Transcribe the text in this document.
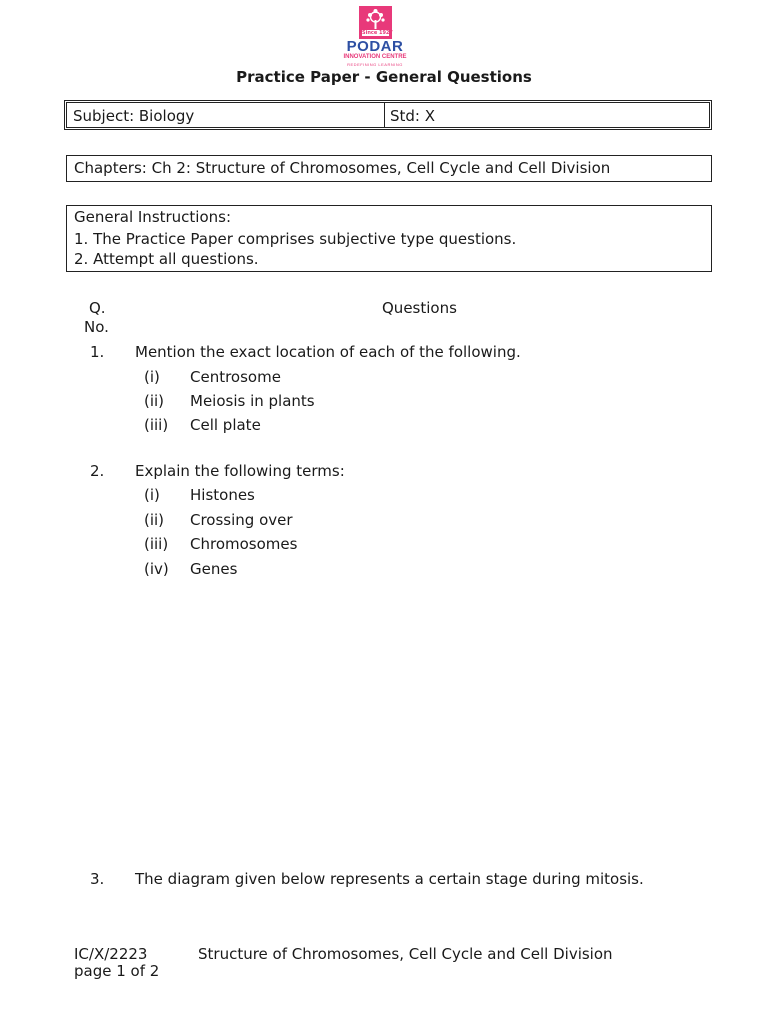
Since 1927
PODAR
INNOVATION CENTRE
REDEFINING LEARNING
Practice Paper - General Questions
Subject: Biology	Std: X
Chapters: Ch 2: Structure of Chromosomes, Cell Cycle and Cell Division
General Instructions:
1. The Practice Paper comprises subjective type questions.
2. Attempt all questions.
Q.
No.
Questions
1. Mention the exact location of each of the following.
(i) Centrosome
(ii) Meiosis in plants
(iii) Cell plate
2. Explain the following terms:
(i) Histones
(ii) Crossing over
(iii) Chromosomes
(iv) Genes
3. The diagram given below represents a certain stage during mitosis.
IC/X/2223	Structure of Chromosomes, Cell Cycle and Cell Division
page 1 of 2
